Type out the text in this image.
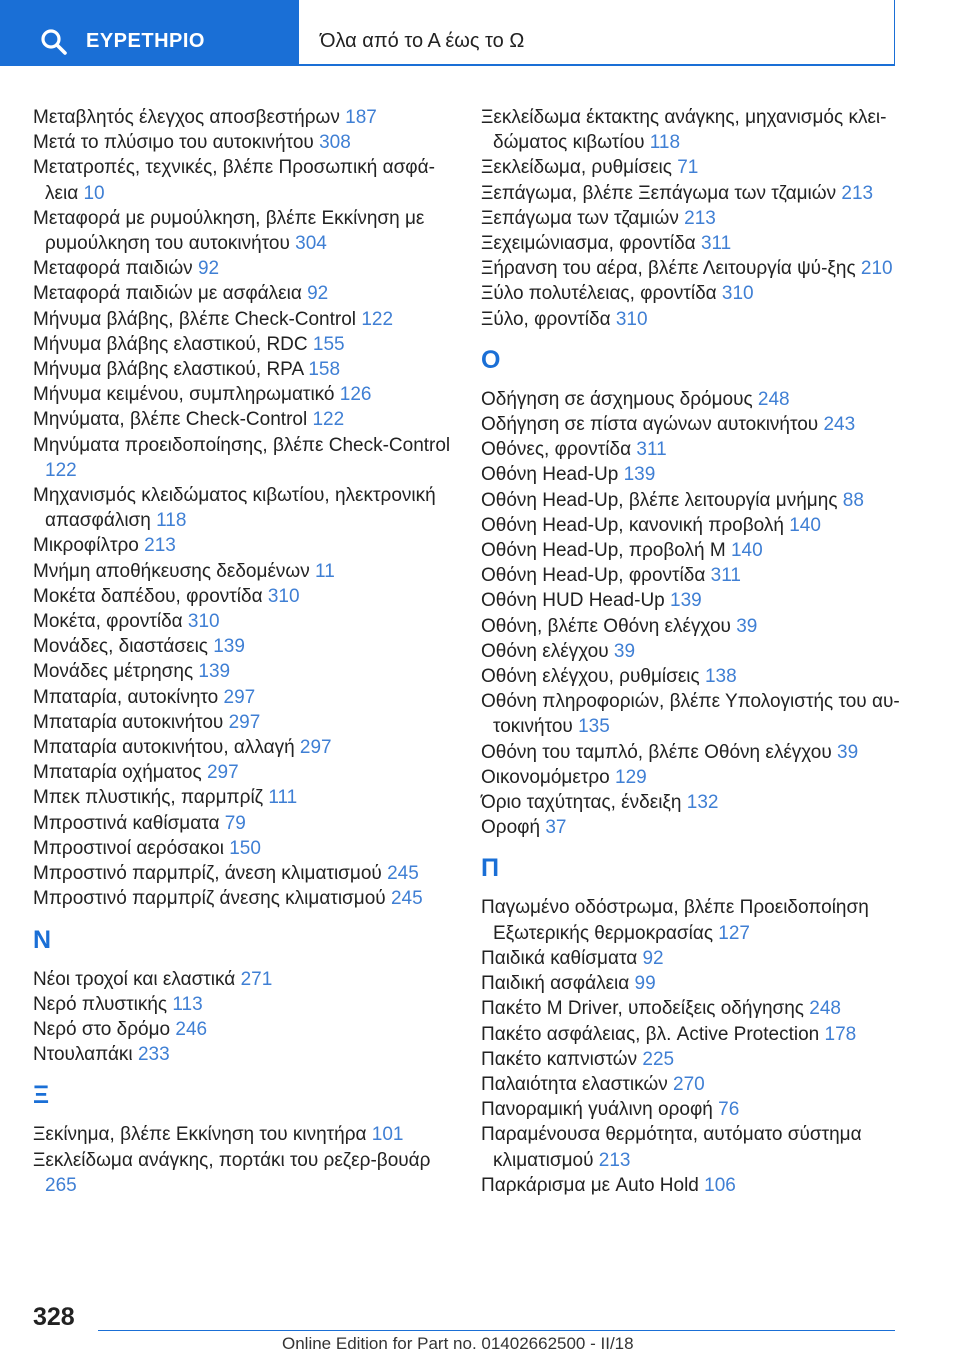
ΕΥΡΕΤΗΡΙΟ	Όλα από το Α έως το Ω

Μεταβλητός έλεγχος αποσβεστήρων 187

Μετά το πλύσιμο του αυτοκινήτου 308

Μετατροπές, τεχνικές, βλέπε Προσωπική ασφά-λεια 10

Μεταφορά με ρυμούλκηση, βλέπε Εκκίνηση με ρυμούλκηση του αυτοκινήτου 304

Μεταφορά παιδιών 92

Μεταφορά παιδιών με ασφάλεια 92

Μήνυμα βλάβης, βλέπε Check-Control 122

Μήνυμα βλάβης ελαστικού, RDC 155

Μήνυμα βλάβης ελαστικού, RPA 158

Μήνυμα κειμένου, συμπληρωματικό 126

Μηνύματα, βλέπε Check-Control 122

Μηνύματα προειδοποίησης, βλέπε Check-Control 122

Μηχανισμός κλειδώματος κιβωτίου, ηλεκτρονική απασφάλιση 118

Μικροφίλτρο 213

Μνήμη αποθήκευσης δεδομένων 11

Μοκέτα δαπέδου, φροντίδα 310

Μοκέτα, φροντίδα 310

Μονάδες, διαστάσεις 139

Μονάδες μέτρησης 139

Μπαταρία, αυτοκίνητο 297

Μπαταρία αυτοκινήτου 297

Μπαταρία αυτοκινήτου, αλλαγή 297

Μπαταρία οχήματος 297

Μπεκ πλυστικής, παρμπρίζ 111

Μπροστινά καθίσματα 79

Μπροστινοί αερόσακοι 150

Μπροστινό παρμπρίζ, άνεση κλιματισμού 245

Μπροστινό παρμπρίζ άνεσης κλιματισμού 245

Ν

Νέοι τροχοί και ελαστικά 271

Νερό πλυστικής 113

Νερό στο δρόμο 246

Ντουλαπάκι 233

Ξ

Ξεκίνημα, βλέπε Εκκίνηση του κινητήρα 101

Ξεκλείδωμα ανάγκης, πορτάκι του ρεζερ-βουάρ 265

Ξεκλείδωμα έκτακτης ανάγκης, μηχανισμός κλει-δώματος κιβωτίου 118

Ξεκλείδωμα, ρυθμίσεις 71

Ξεπάγωμα, βλέπε Ξεπάγωμα των τζαμιών 213

Ξεπάγωμα των τζαμιών 213

Ξεχειμώνιασμα, φροντίδα 311

Ξήρανση του αέρα, βλέπε Λειτουργία ψύ-ξης 210

Ξύλο πολυτέλειας, φροντίδα 310

Ξύλο, φροντίδα 310

Ο

Οδήγηση σε άσχημους δρόμους 248

Οδήγηση σε πίστα αγώνων αυτοκινήτου 243

Οθόνες, φροντίδα 311

Οθόνη Head-Up 139

Οθόνη Head-Up, βλέπε λειτουργία μνήμης 88

Οθόνη Head-Up, κανονική προβολή 140

Οθόνη Head-Up, προβολή M 140

Οθόνη Head-Up, φροντίδα 311

Οθόνη HUD Head-Up 139

Οθόνη, βλέπε Οθόνη ελέγχου 39

Οθόνη ελέγχου 39

Οθόνη ελέγχου, ρυθμίσεις 138

Οθόνη πληροφοριών, βλέπε Υπολογιστής του αυ-τοκινήτου 135

Οθόνη του ταμπλό, βλέπε Οθόνη ελέγχου 39

Οικονομόμετρο 129

Όριο ταχύτητας, ένδειξη 132

Οροφή 37

Π

Παγωμένο οδόστρωμα, βλέπε Προειδοποίηση Εξωτερικής θερμοκρασίας 127

Παιδικά καθίσματα 92

Παιδική ασφάλεια 99

Πακέτο M Driver, υποδείξεις οδήγησης 248

Πακέτο ασφάλειας, βλ. Active Protection 178

Πακέτο καπνιστών 225

Παλαιότητα ελαστικών 270

Πανοραμική γυάλινη οροφή 76

Παραμένουσα θερμότητα, αυτόματο σύστημα κλιματισμού 213

Παρκάρισμα με Auto Hold 106

328
Online Edition for Part no. 01402662500 - II/18
